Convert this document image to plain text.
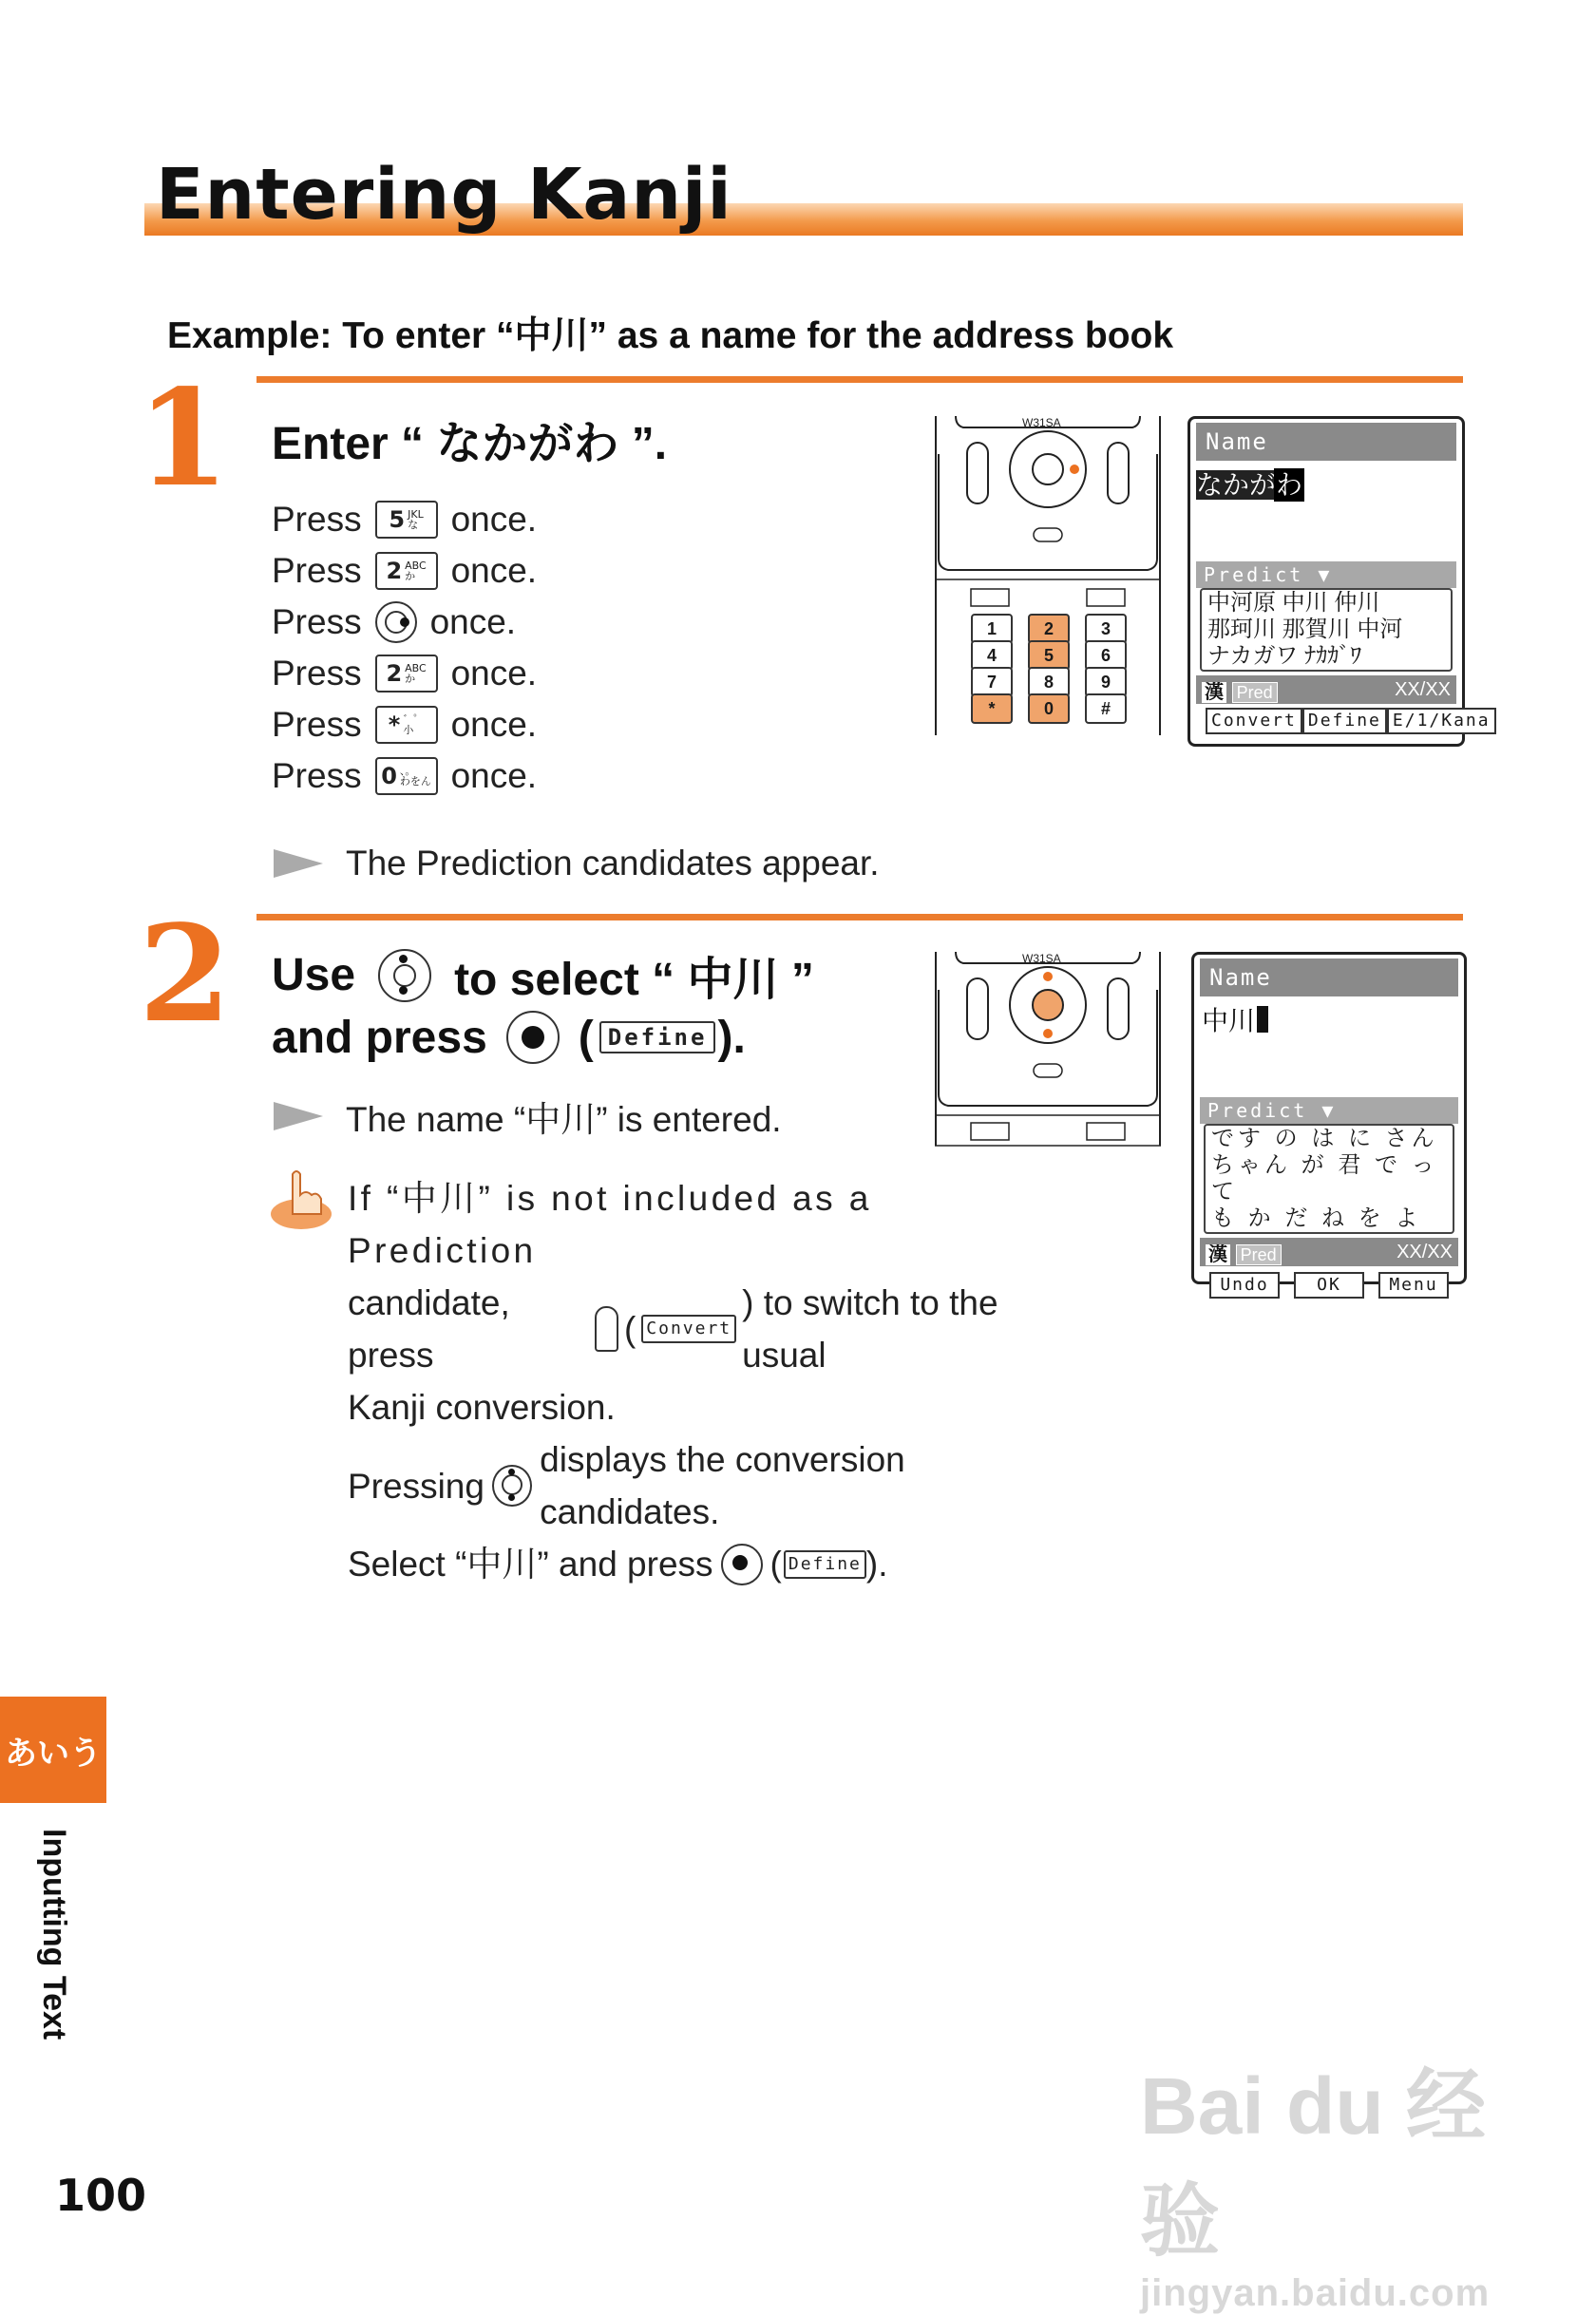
Entering Kanji
Example: To enter “中川” as a name for the address book
1 Enter “ なかがわ ”.
Press 5 JKL
な once.
Press 2 ABC
か	once.
Press once.
Press 2 ABC
か	once.
Press * ゛゜
小 once.
Press 0 、。
わをん once.
The Prediction candidates appear.
W31SA
1	2	3
4	5	6
7	8	9
*	0	#
Name
なかがわ
Predict ▼
中河原 中川 仲川
那珂川 那賀川 中河
ナカガワ ﾅｶｶﾞﾜ
漢 Pred	XX/XX
Convert Define E/1/Kana
2 Use to select “ 中川 ”
and press ( Define ).
The name “中川” is entered.
If “中川” is not included as a Prediction
candidate, press
( Convert
) to switch to the usual
Kanji conversion.
Pressing
displays the conversion candidates.
Select “中川” and press ( Define ).
W31SA
Name
中川
Predict ▼
です の は に さん
ちゃん が 君 で って
も か だ ね を よ
漢 Pred	XX/XX
Undo	OK	Menu
あいう
Inputting Text
100
Bai du 经验
jingyan.baidu.com
